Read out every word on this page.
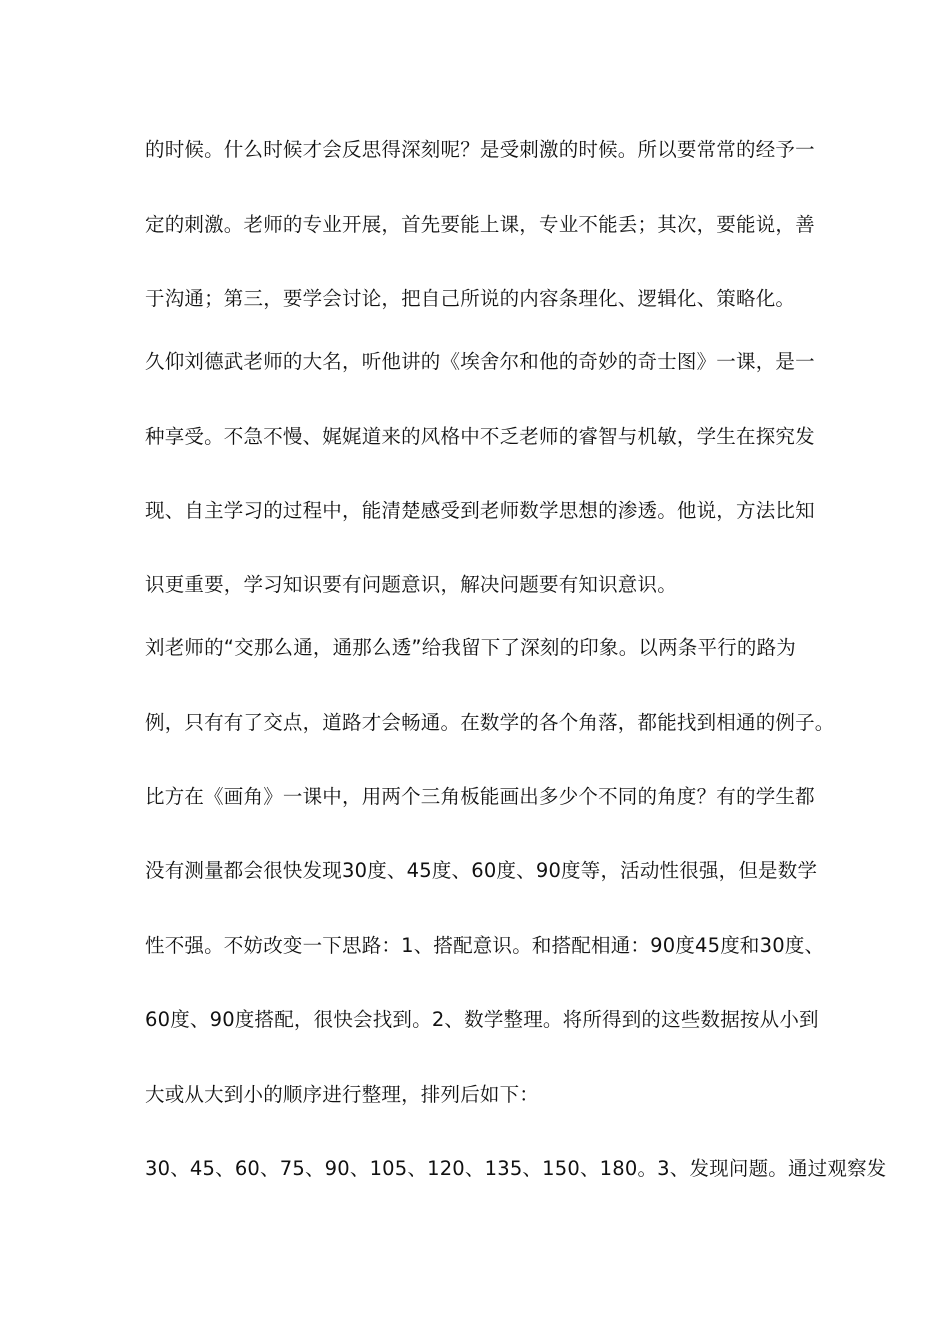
的时候。什么时候才会反思得深刻呢？是受刺激的时候。所以要常常的经予一
定的刺激。老师的专业开展，首先要能上课，专业不能丢；其次，要能说，善
于沟通；第三，要学会讨论，把自己所说的内容条理化、逻辑化、策略化。
久仰刘德武老师的大名，听他讲的《埃舍尔和他的奇妙的奇士图》一课，是一
种享受。不急不慢、娓娓道来的风格中不乏老师的睿智与机敏，学生在探究发
现、自主学习的过程中，能清楚感受到老师数学思想的渗透。他说，方法比知
识更重要，学习知识要有问题意识，解决问题要有知识意识。
刘老师的“交那么通，通那么透”给我留下了深刻的印象。以两条平行的路为
例，只有有了交点，道路才会畅通。在数学的各个角落，都能找到相通的例子。
比方在《画角》一课中，用两个三角板能画出多少个不同的角度？有的学生都
没有测量都会很快发现30度、45度、60度、90度等，活动性很强，但是数学
性不强。不妨改变一下思路：1、搭配意识。和搭配相通：90度45度和30度、
60度、90度搭配，很快会找到。2、数学整理。将所得到的这些数据按从小到
大或从大到小的顺序进行整理，排列后如下：
30、45、60、75、90、105、120、135、150、180。3、发现问题。通过观察发
